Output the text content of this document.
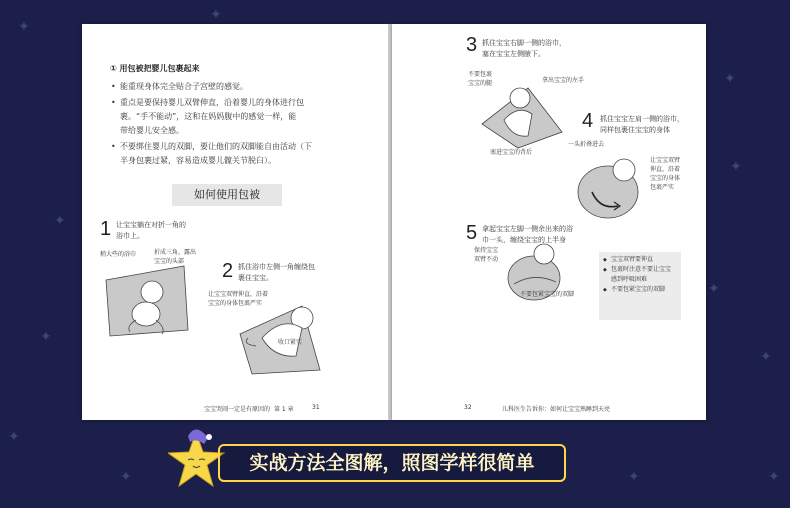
✦
✦
✦
✦
✦
✦
✦
✦
✦
✦	✦
✦
① 用包被把婴儿包裹起来
• 能重现身体完全贴合子宫壁的感觉。
• 重点是要保持婴儿双臂伸直，沿着婴儿的身体进行包
裹。“手不能动”，这和在妈妈腹中的感觉一样，能
带给婴儿安全感。
• 不要绑住婴儿的双脚，要让他们的双脚能自由活动（下
半身包裹过紧，容易造成婴儿髋关节脱臼）。
如何使用包被
1 让宝宝躺在对折一角的
浴巾上。
稍大些的浴巾	折成三角，露出
宝宝的头部	2 抓住浴巾左侧一角缠绕包
裹住宝宝。
让宝宝双臂伸直，沿着
宝宝的身体包裹严实
收口紧实
宝宝哭闹一定是有原因的 第 1 章	31
3 抓住宝宝右脚一侧的浴巾，
塞在宝宝左侧腋下。
不要包裹
宝宝的腿	拿出宝宝的左手
塞进宝宝的背后
4 抓住宝宝左肩一侧的浴巾，
同样包裹住宝宝的身体
一头折叠进去
让宝宝双臂
伸直，沿着
宝宝的身体
包裹严实
5 拿起宝宝左脚一侧余出来的浴
巾一头，缠绕宝宝的上半身
保持宝宝
双臂不动
不要包紧宝宝的双脚
◆ 宝宝双臂要伸直
◆ 包裹时注意不要让宝宝
感到呼吸困难
◆ 不要包紧宝宝的双脚
32	儿科医生告诉你：如何让宝宝熟睡到天亮
实战方法全图解，照图学样很简单
